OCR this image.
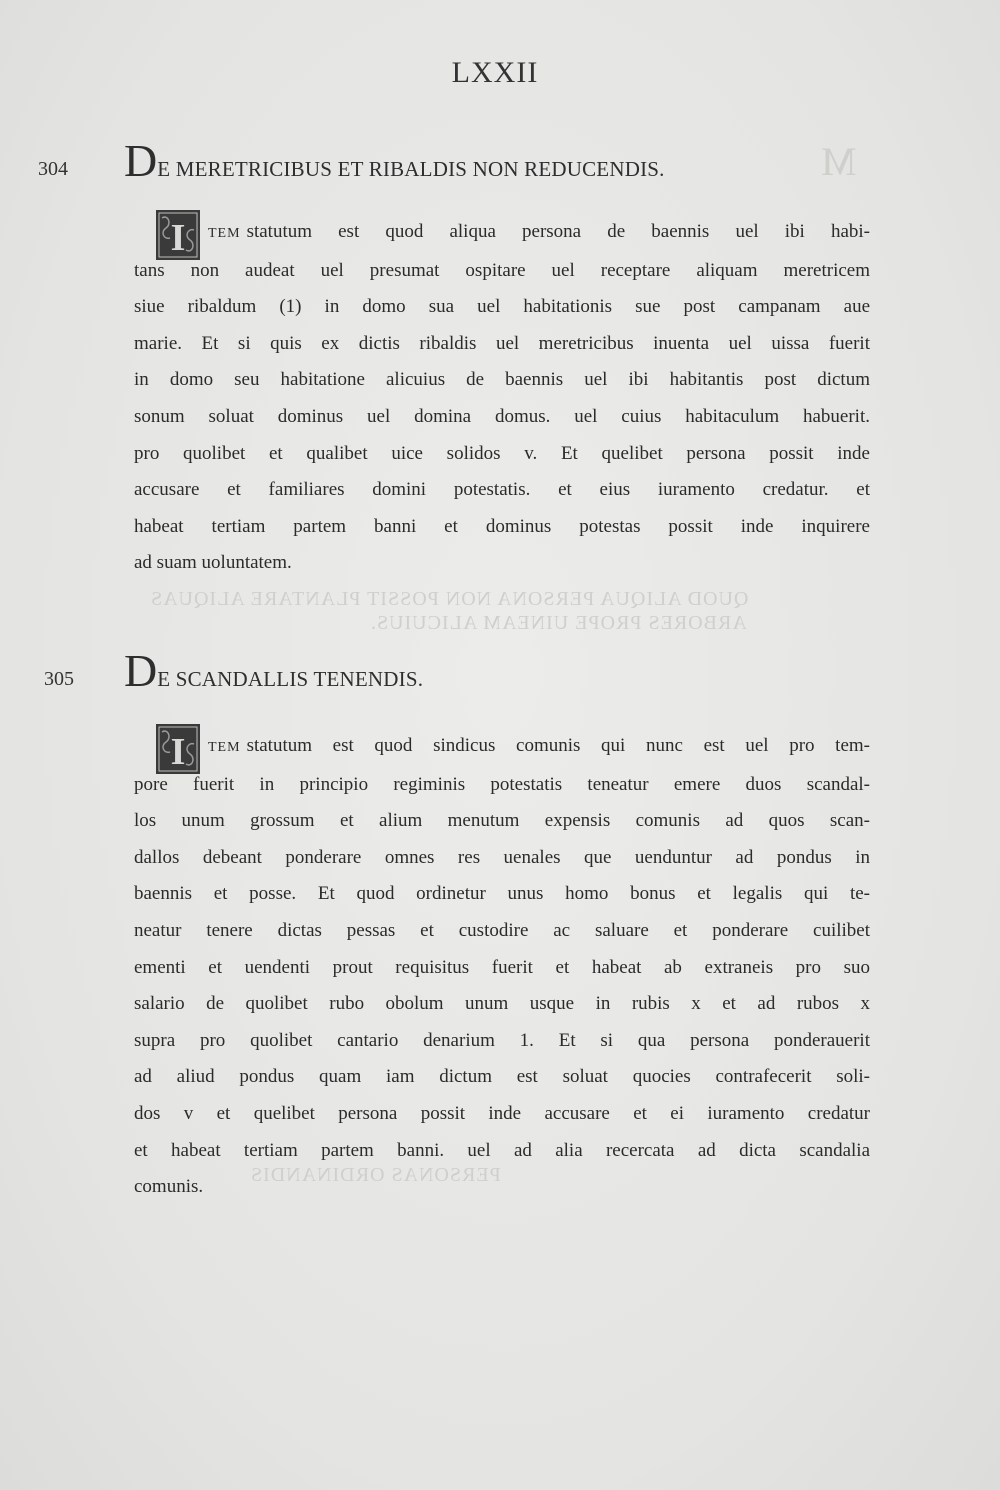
LXXII
304 DE MERETRICIBUS ET RIBALDIS NON REDUCENDIS.
I TEM statutum est quod aliqua persona de baennis uel ibi habi-
tans non audeat uel presumat ospitare uel receptare aliquam meretricem
siue ribaldum (1) in domo sua uel habitationis sue post campanam aue
marie. Et si quis ex dictis ribaldis uel meretricibus inuenta uel uissa fuerit
in domo seu habitatione alicuius de baennis uel ibi habitantis post dictum
sonum soluat dominus uel domina domus. uel cuius habitaculum habuerit.
pro quolibet et qualibet uice solidos v. Et quelibet persona possit inde
accusare et familiares domini potestatis. et eius iuramento credatur. et
habeat tertiam partem banni et dominus potestas possit inde inquirere
ad suam uoluntatem.
305 DE SCANDALLIS TENENDIS.
I TEM statutum est quod sindicus comunis qui nunc est uel pro tem-
pore fuerit in principio regiminis potestatis teneatur emere duos scandal-
los unum grossum et alium menutum expensis comunis ad quos scan-
dallos debeant ponderare omnes res uenales que uenduntur ad pondus in
baennis et posse. Et quod ordinetur unus homo bonus et legalis qui te-
neatur tenere dictas pessas et custodire ac saluare et ponderare cuilibet
ementi et uendenti prout requisitus fuerit et habeat ab extraneis pro suo
salario de quolibet rubo obolum unum usque in rubis x et ad rubos x
supra pro quolibet cantario denarium 1. Et si qua persona ponderauerit
ad aliud pondus quam iam dictum est soluat quocies contrafecerit soli-
dos v et quelibet persona possit inde accusare et ei iuramento credatur
et habeat tertiam partem banni. uel ad alia recercata ad dicta scandalia
comunis.
M
QUOD ALIQUA PERSONA NON POSSIT PLANTARE ALIQUAS
ARBORES PROPE UINEAM ALICUIUS.
PERSONAS ORDINANDIS
